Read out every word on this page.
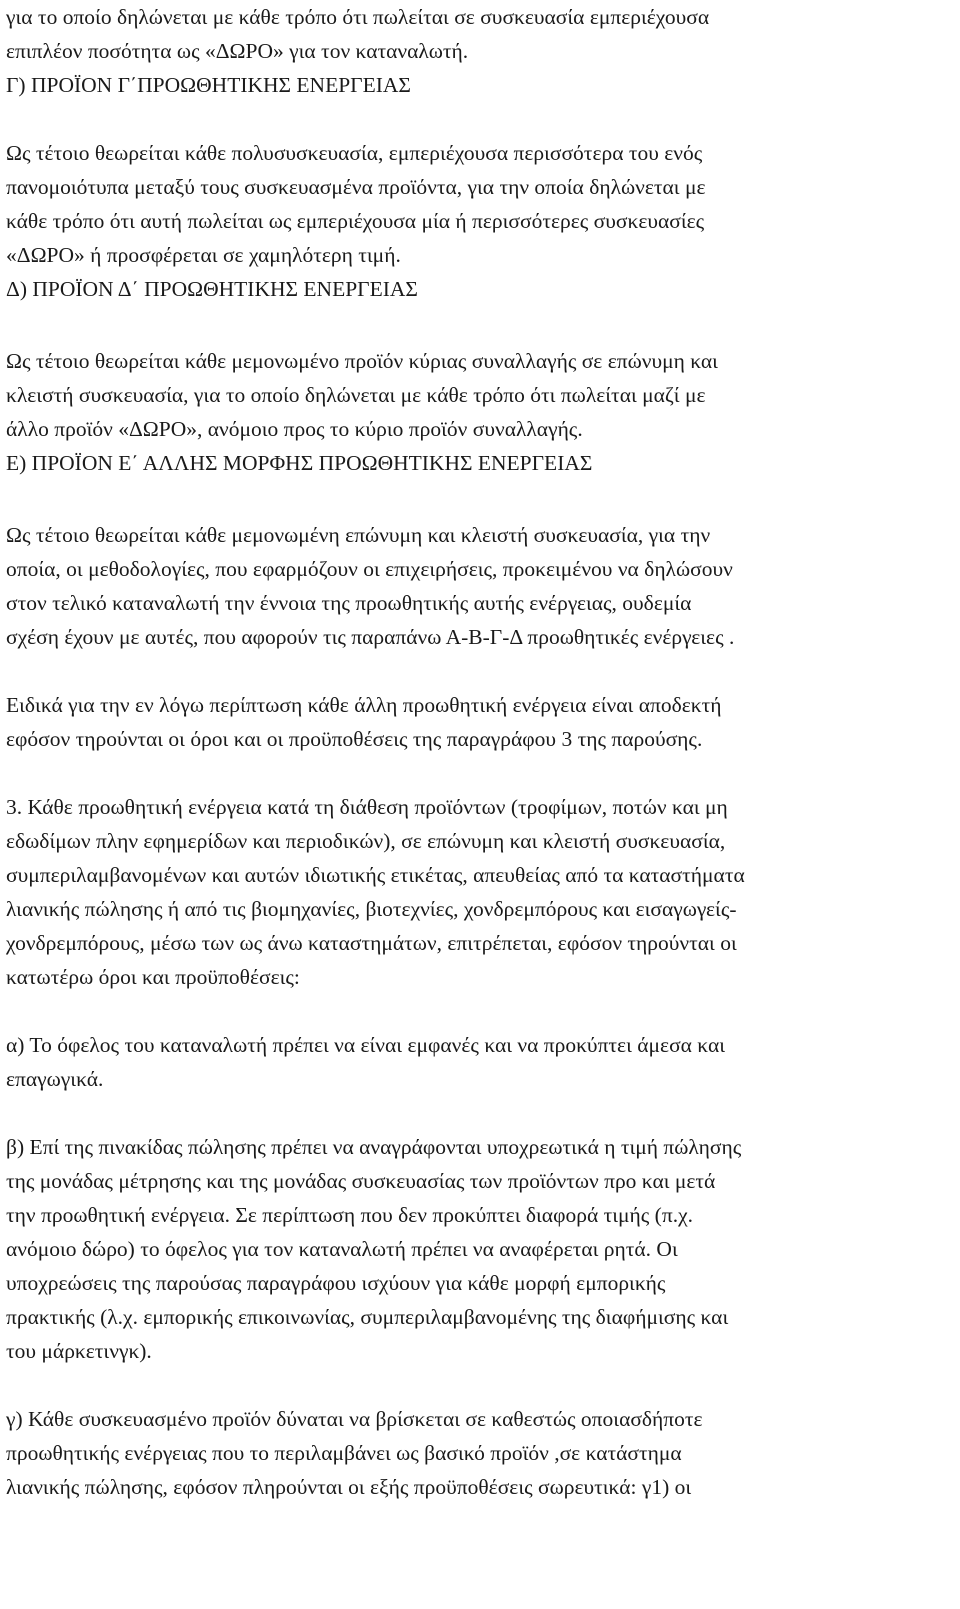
για το οποίο δηλώνεται με κάθε τρόπο ότι πωλείται σε συσκευασία εμπεριέχουσα
επιπλέον ποσότητα ως «ΔΩΡΟ» για τον καταναλωτή.
Γ) ΠΡΟΪΟΝ Γ΄ΠΡΟΩΘΗΤΙΚΗΣ ΕΝΕΡΓΕΙΑΣ
Ως τέτοιο θεωρείται κάθε πολυσυσκευασία, εμπεριέχουσα περισσότερα του ενός
πανομοιότυπα μεταξύ τους συσκευασμένα προϊόντα, για την οποία δηλώνεται με
κάθε τρόπο ότι αυτή πωλείται ως εμπεριέχουσα μία ή περισσότερες συσκευασίες
«ΔΩΡΟ» ή προσφέρεται σε χαμηλότερη τιμή.
Δ) ΠΡΟΪΟΝ Δ΄ ΠΡΟΩΘΗΤΙΚΗΣ ΕΝΕΡΓΕΙΑΣ
Ως τέτοιο θεωρείται κάθε μεμονωμένο προϊόν κύριας συναλλαγής σε επώνυμη και
κλειστή συσκευασία, για το οποίο δηλώνεται με κάθε τρόπο ότι πωλείται μαζί με
άλλο προϊόν «ΔΩΡΟ», ανόμοιο προς το κύριο προϊόν συναλλαγής.
Ε) ΠΡΟΪΟΝ Ε΄ ΑΛΛΗΣ ΜΟΡΦΗΣ ΠΡΟΩΘΗΤΙΚΗΣ ΕΝΕΡΓΕΙΑΣ
Ως τέτοιο θεωρείται κάθε μεμονωμένη επώνυμη και κλειστή συσκευασία, για την
οποία, οι μεθοδολογίες, που εφαρμόζουν οι επιχειρήσεις, προκειμένου να δηλώσουν
στον τελικό καταναλωτή την έννοια της προωθητικής αυτής ενέργειας, ουδεμία
σχέση έχουν με αυτές, που αφορούν τις παραπάνω Α-Β-Γ-Δ προωθητικές ενέργειες .
Ειδικά για την εν λόγω περίπτωση κάθε άλλη προωθητική ενέργεια είναι αποδεκτή
εφόσον τηρούνται οι όροι και οι προϋποθέσεις της παραγράφου 3 της παρούσης.
3. Κάθε προωθητική ενέργεια κατά τη διάθεση προϊόντων (τροφίμων, ποτών και μη
εδωδίμων πλην εφημερίδων και περιοδικών), σε επώνυμη και κλειστή συσκευασία,
συμπεριλαμβανομένων και αυτών ιδιωτικής ετικέτας, απευθείας από τα καταστήματα
λιανικής πώλησης ή από τις βιομηχανίες, βιοτεχνίες, χονδρεμπόρους και εισαγωγείς-
χονδρεμπόρους, μέσω των ως άνω καταστημάτων, επιτρέπεται, εφόσον τηρούνται οι
κατωτέρω όροι και προϋποθέσεις:
α) Το όφελος του καταναλωτή πρέπει να είναι εμφανές και να προκύπτει άμεσα και
επαγωγικά.
β) Επί της πινακίδας πώλησης πρέπει να αναγράφονται υποχρεωτικά η τιμή πώλησης
της μονάδας μέτρησης και της μονάδας συσκευασίας των προϊόντων προ και μετά
την προωθητική ενέργεια. Σε περίπτωση που δεν προκύπτει διαφορά τιμής (π.χ.
ανόμοιο δώρο) το όφελος για τον καταναλωτή πρέπει να αναφέρεται ρητά. Οι
υποχρεώσεις της παρούσας παραγράφου ισχύουν για κάθε μορφή εμπορικής
πρακτικής (λ.χ. εμπορικής επικοινωνίας, συμπεριλαμβανομένης της διαφήμισης και
του μάρκετινγκ).
γ) Κάθε συσκευασμένο προϊόν δύναται να βρίσκεται σε καθεστώς οποιασδήποτε
προωθητικής ενέργειας που το περιλαμβάνει ως βασικό προϊόν ,σε κατάστημα
λιανικής πώλησης, εφόσον πληρούνται οι εξής προϋποθέσεις σωρευτικά: γ1) οι
